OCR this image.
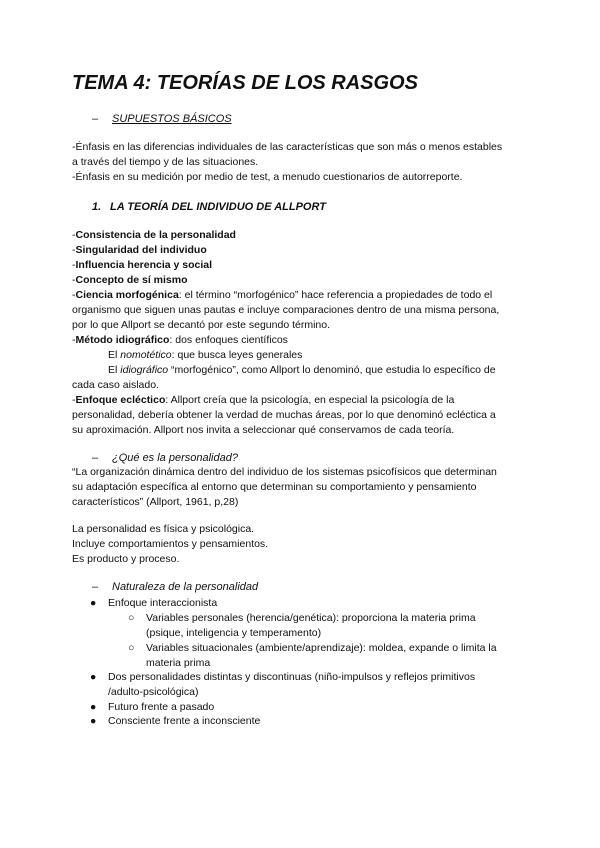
TEMA 4: TEORÍAS DE LOS RASGOS
– SUPUESTOS BÁSICOS
-Énfasis en las diferencias individuales de las características que son más o menos estables
a través del tiempo y de las situaciones.
-Énfasis en su medición por medio de test, a menudo cuestionarios de autorreporte.
1. LA TEORÍA DEL INDIVIDUO DE ALLPORT
-Consistencia de la personalidad
-Singularidad del individuo
-Influencia herencia y social
-Concepto de sí mismo
-Ciencia morfogénica: el término “morfogénico” hace referencia a propiedades de todo el
organismo que siguen unas pautas e incluye comparaciones dentro de una misma persona,
por lo que Allport se decantó por este segundo término.
-Método idiográfico: dos enfoques científicos
El nomotético: que busca leyes generales
El idiográfico “morfogénico”, como Allport lo denominó, que estudia lo específico de
cada caso aislado.
-Enfoque ecléctico: Allport creía que la psicología, en especial la psicología de la
personalidad, debería obtener la verdad de muchas áreas, por lo que denominó ecléctica a
su aproximación. Allport nos invita a seleccionar qué conservamos de cada teoría.
– ¿Qué es la personalidad?
“La organización dinámica dentro del individuo de los sistemas psicofísicos que determinan
su adaptación específica al entorno que determinan su comportamiento y pensamiento
característicos” (Allport, 1961, p,28)
La personalidad es física y psicológica.
Incluye comportamientos y pensamientos.
Es producto y proceso.
– Naturaleza de la personalidad
● Enfoque interaccionista
○ Variables personales (herencia/genética): proporciona la materia prima
(psique, inteligencia y temperamento)
○ Variables situacionales (ambiente/aprendizaje): moldea, expande o limita la
materia prima
● Dos personalidades distintas y discontinuas (niño-impulsos y reflejos primitivos
/adulto-psicológica)
● Futuro frente a pasado
● Consciente frente a inconsciente
